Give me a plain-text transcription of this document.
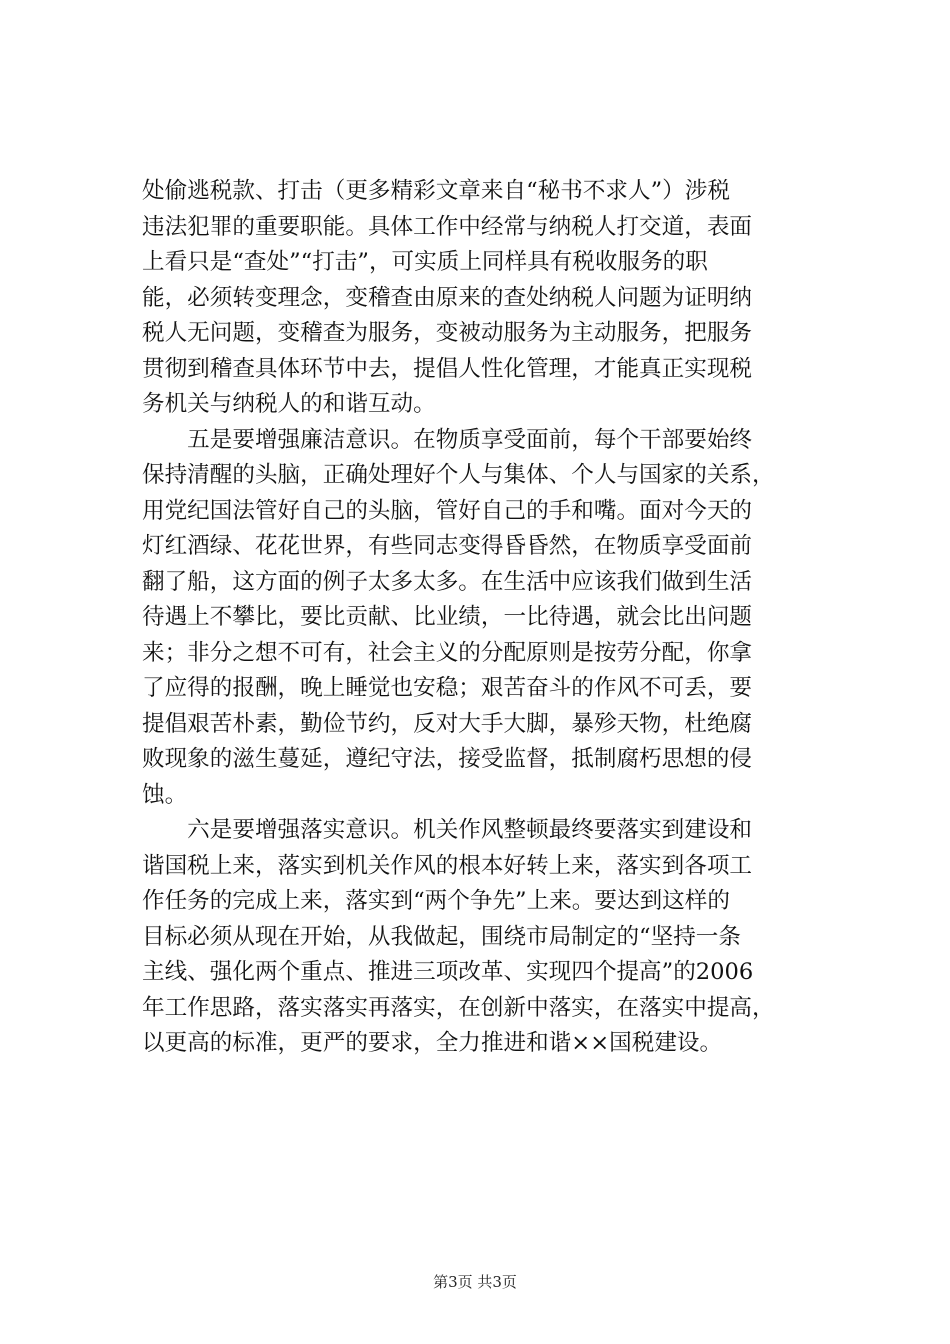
处偷逃税款、打击（更多精彩文章来自“秘书不求人”）涉税
违法犯罪的重要职能。具体工作中经常与纳税人打交道，表面
上看只是“查处”“打击”，可实质上同样具有税收服务的职
能，必须转变理念，变稽查由原来的查处纳税人问题为证明纳
税人无问题，变稽查为服务，变被动服务为主动服务，把服务
贯彻到稽查具体环节中去，提倡人性化管理，才能真正实现税
务机关与纳税人的和谐互动。
　　五是要增强廉洁意识。在物质享受面前，每个干部要始终
保持清醒的头脑，正确处理好个人与集体、个人与国家的关系，
用党纪国法管好自己的头脑，管好自己的手和嘴。面对今天的
灯红酒绿、花花世界，有些同志变得昏昏然，在物质享受面前
翻了船，这方面的例子太多太多。在生活中应该我们做到生活
待遇上不攀比，要比贡献、比业绩，一比待遇，就会比出问题
来；非分之想不可有，社会主义的分配原则是按劳分配，你拿
了应得的报酬，晚上睡觉也安稳；艰苦奋斗的作风不可丢，要
提倡艰苦朴素，勤俭节约，反对大手大脚，暴殄天物，杜绝腐
败现象的滋生蔓延，遵纪守法，接受监督，抵制腐朽思想的侵
蚀。
　　六是要增强落实意识。机关作风整顿最终要落实到建设和
谐国税上来，落实到机关作风的根本好转上来，落实到各项工
作任务的完成上来，落实到“两个争先”上来。要达到这样的
目标必须从现在开始，从我做起，围绕市局制定的“坚持一条
主线、强化两个重点、推进三项改革、实现四个提高”的2006
年工作思路，落实落实再落实，在创新中落实，在落实中提高，
以更高的标准，更严的要求，全力推进和谐××国税建设。
第3页 共3页
